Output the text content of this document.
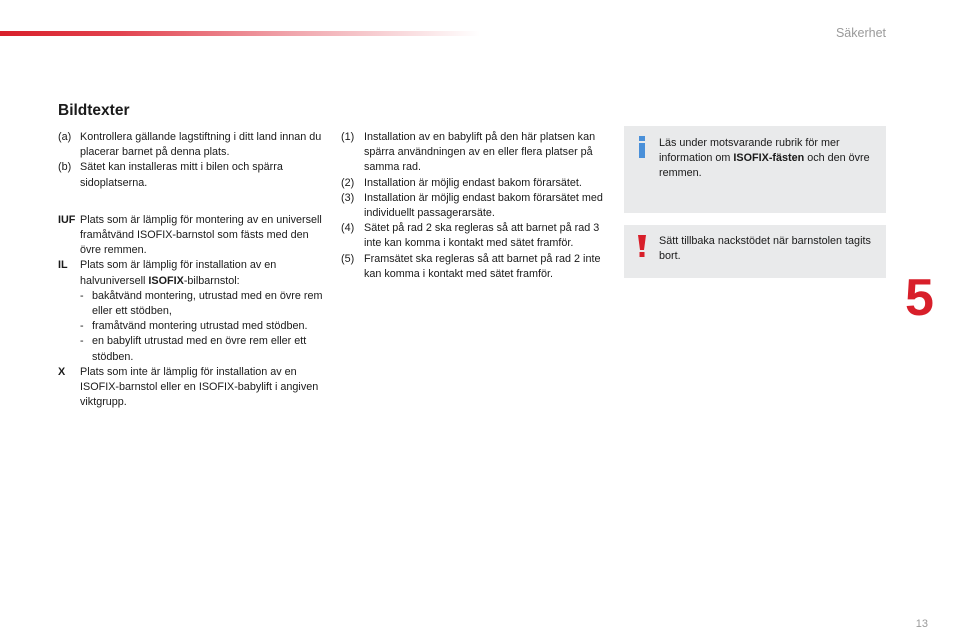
Säkerhet
Bildtexter

(a) Kontrollera gällande lagstiftning i ditt land innan du placerar barnet på denna plats.

(b) Sätet kan installeras mitt i bilen och spärra sidoplatserna.

IUF Plats som är lämplig för montering av en universell framåtvänd ISOFIX-barnstol som fästs med den övre remmen.

IL	Plats som är lämplig för installation av en halvuniversell ISOFIX-bilbarnstol:

- bakåtvänd montering, utrustad med en övre rem eller ett stödben,
- framåtvänd montering utrustad med stödben.
- en babylift utrustad med en övre rem eller ett stödben.

X	Plats som inte är lämplig för installation av en ISOFIX-barnstol eller en ISOFIX-babylift i angiven viktgrupp.

(1) Installation av en babylift på den här platsen kan spärra användningen av en eller flera platser på samma rad.

(2) Installation är möjlig endast bakom förarsätet.

(3) Installation är möjlig endast bakom förarsätet med individuellt passagerarsäte.

(4) Sätet på rad 2 ska regleras så att barnet på rad 3 inte kan komma i kontakt med sätet framför.

(5) Framsätet ska regleras så att barnet på rad 2 inte kan komma i kontakt med sätet framför.

Läs under motsvarande rubrik för mer information om ISOFIX-fästen och den övre remmen.
Sätt tillbaka nackstödet när barnstolen tagits bort.
5
13
